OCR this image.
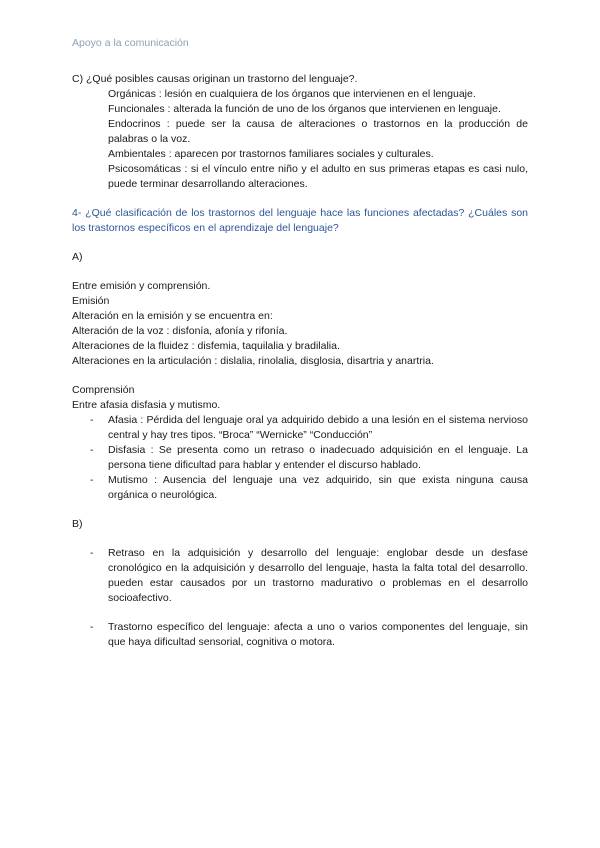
Apoyo a la comunicación

C) ¿Qué posibles causas originan un trastorno del lenguaje?.

Orgánicas : lesión en cualquiera de los órganos que intervienen en el lenguaje.
Funcionales : alterada la función de uno de los órganos que intervienen en lenguaje.
Endocrinos : puede ser la causa de alteraciones o trastornos en la producción de palabras o la voz.
Ambientales : aparecen por trastornos familiares sociales y culturales.
Psicosomáticas : si el vínculo entre niño y el adulto en sus primeras etapas es casi nulo, puede terminar desarrollando alteraciones.

4- ¿Qué clasificación de los trastornos del lenguaje hace las funciones afectadas? ¿Cuáles son los trastornos específicos en el aprendizaje del lenguaje?

A)

Entre emisión y comprensión.

Emisión

Alteración en la emisión y se encuentra en:

Alteración de la voz : disfonía, afonía y rifonía.

Alteraciones de la fluidez : disfemia, taquilalia y bradilalia.

Alteraciones en la articulación : dislalia, rinolalia, disglosia, disartria y anartria.

Comprensión

Entre afasia disfasia y mutismo.

- Afasia : Pérdida del lenguaje oral ya adquirido debido a una lesión en el sistema nervioso central y hay tres tipos. “Broca” “Wernicke” “Conducción”
- Disfasia : Se presenta como un retraso o inadecuado adquisición en el lenguaje. La persona tiene dificultad para hablar y entender el discurso hablado.
- Mutismo : Ausencia del lenguaje una vez adquirido, sin que exista ninguna causa orgánica o neurológica.

B)

- Retraso en la adquisición y desarrollo del lenguaje: englobar desde un desfase cronológico en la adquisición y desarrollo del lenguaje, hasta la falta total del desarrollo. pueden estar causados por un trastorno madurativo o problemas en el desarrollo socioafectivo.
- Trastorno específico del lenguaje: afecta a uno o varios componentes del lenguaje, sin que haya dificultad sensorial, cognitiva o motora.
